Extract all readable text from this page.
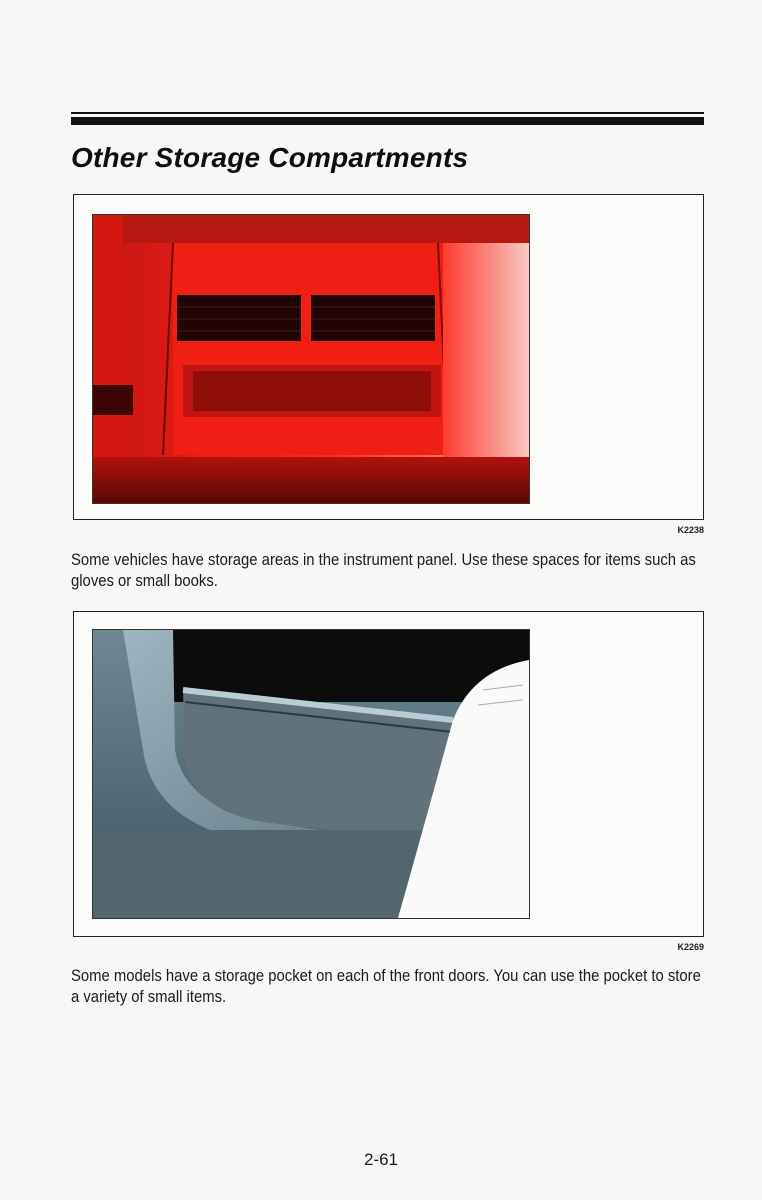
Other Storage Compartments
K2238
Some vehicles have storage areas in the instrument panel. Use these spaces for items such as gloves or small books.
K2269
Some models have a storage pocket on each of the front doors. You can use the pocket to store a variety of small items.
2-61
